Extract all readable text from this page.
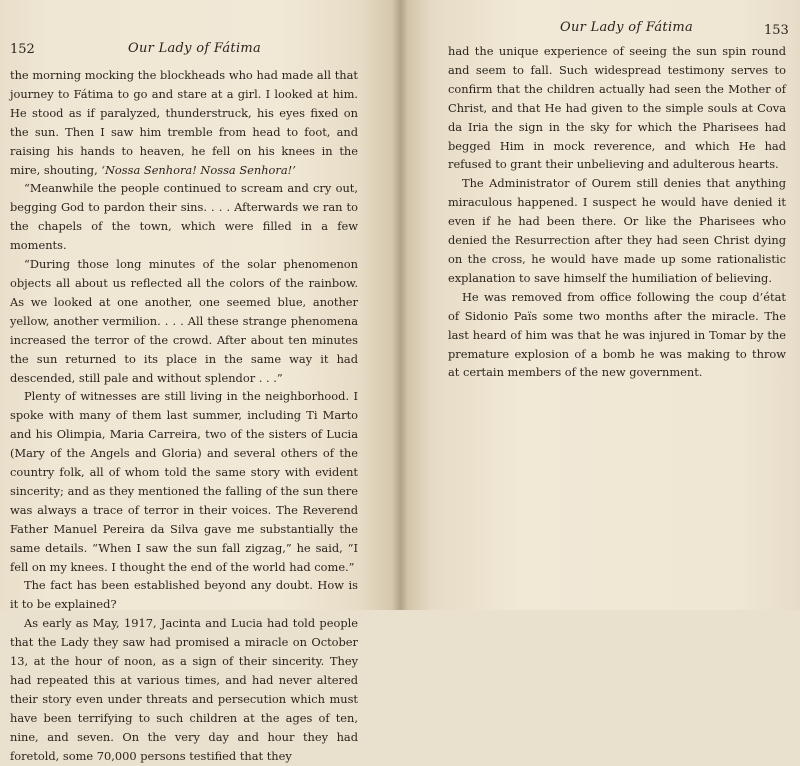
152	Our Lady of Fátima

the morning mocking the blockheads who had made all that journey to Fátima to go and stare at a girl. I looked at him. He stood as if paralyzed, thunderstruck, his eyes fixed on the sun. Then I saw him tremble from head to foot, and raising his hands to heaven, he fell on his knees in the mire, shouting, ‘Nossa Senhora! Nossa Senhora!’

“Meanwhile the people continued to scream and cry out, begging God to pardon their sins. . . . Afterwards we ran to the chapels of the town, which were filled in a few moments.

“During those long minutes of the solar phenomenon objects all about us reflected all the colors of the rainbow. As we looked at one another, one seemed blue, another yellow, another vermilion. . . . All these strange phenomena increased the terror of the crowd. After about ten minutes the sun returned to its place in the same way it had descended, still pale and without splendor . . .”

Plenty of witnesses are still living in the neighborhood. I spoke with many of them last summer, including Ti Marto and his Olimpia, Maria Carreira, two of the sisters of Lucia (Mary of the Angels and Gloria) and several others of the country folk, all of whom told the same story with evident sincerity; and as they mentioned the falling of the sun there was always a trace of terror in their voices. The Reverend Father Manuel Pereira da Silva gave me substantially the same details. “When I saw the sun fall zigzag,” he said, “I fell on my knees. I thought the end of the world had come.”

The fact has been established beyond any doubt. How is it to be explained?

As early as May, 1917, Jacinta and Lucia had told people that the Lady they saw had promised a miracle on October 13, at the hour of noon, as a sign of their sincerity. They had repeated this at various times, and had never altered their story even under threats and persecution which must have been terrifying to such children at the ages of ten, nine, and seven. On the very day and hour they had foretold, some 70,000 persons testified that they

Our Lady of Fátima	153

had the unique experience of seeing the sun spin round and seem to fall. Such widespread testimony serves to confirm that the children actually had seen the Mother of Christ, and that He had given to the simple souls at Cova da Iria the sign in the sky for which the Pharisees had begged Him in mock reverence, and which He had refused to grant their unbelieving and adulterous hearts.

The Administrator of Ourem still denies that anything miraculous happened. I suspect he would have denied it even if he had been there. Or like the Pharisees who denied the Resurrection after they had seen Christ dying on the cross, he would have made up some rationalistic explanation to save himself the humiliation of believing.

He was removed from office following the coup d’état of Sidonio Païs some two months after the miracle. The last heard of him was that he was injured in Tomar by the premature explosion of a bomb he was making to throw at certain members of the new government.
